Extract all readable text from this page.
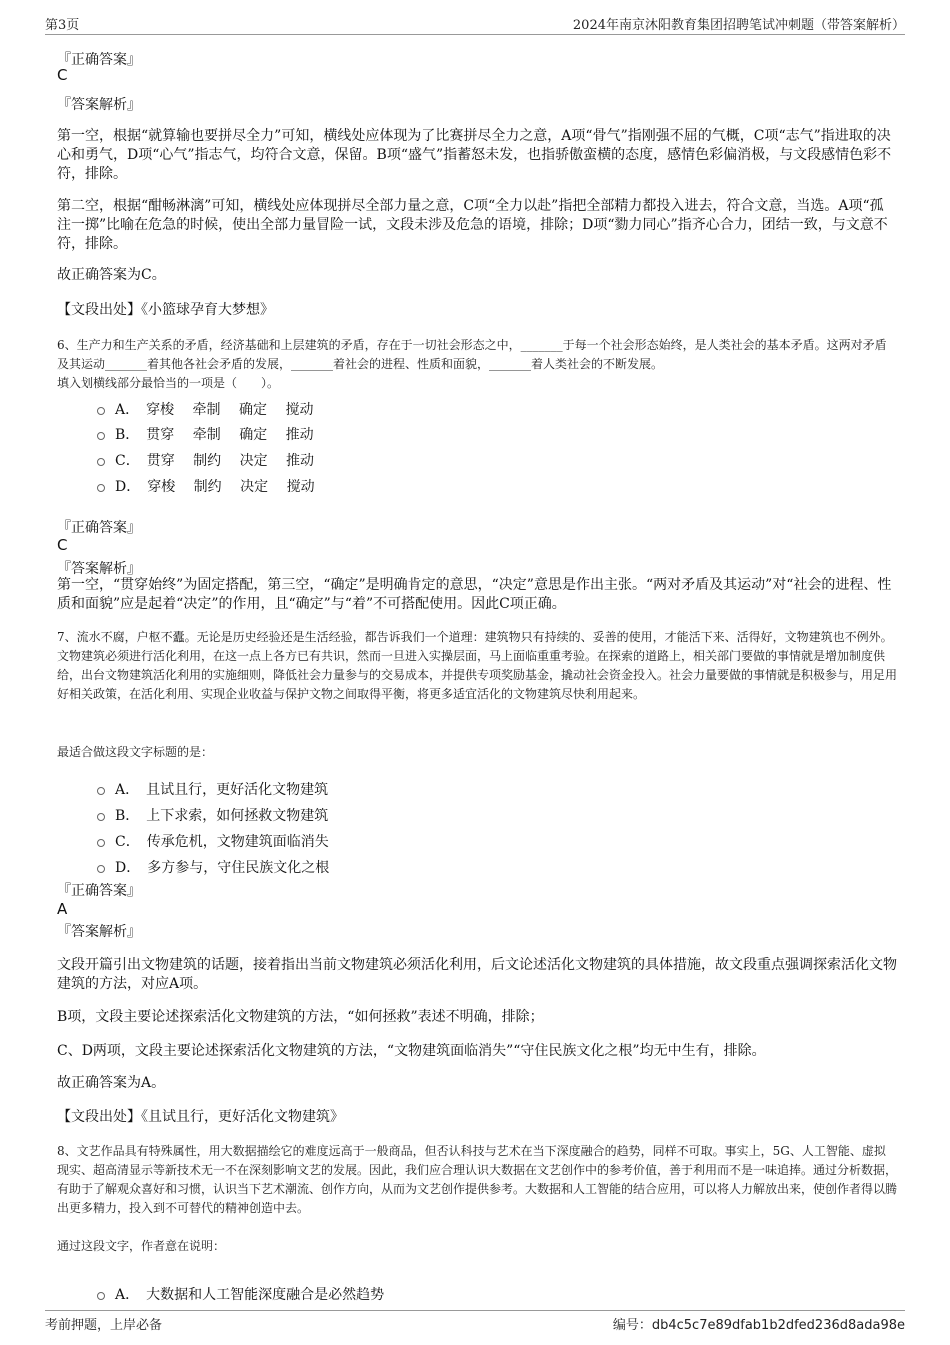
第3页	2024年南京沐阳教育集团招聘笔试冲刺题（带答案解析）
『正确答案』
C
『答案解析』
第一空，根据“就算输也要拼尽全力”可知，横线处应体现为了比赛拼尽全力之意，A项“骨气”指刚强不屈的气概，C项“志气”指进取的决心和勇气，D项“心气”指志气，均符合文意，保留。B项“盛气”指蓄怒未发，也指骄傲蛮横的态度，感情色彩偏消极，与文段感情色彩不符，排除。
第二空，根据“酣畅淋漓”可知，横线处应体现拼尽全部力量之意，C项“全力以赴”指把全部精力都投入进去，符合文意，当选。A项“孤注一掷”比喻在危急的时候，使出全部力量冒险一试，文段未涉及危急的语境，排除；D项“勠力同心”指齐心合力，团结一致，与文意不符，排除。
故正确答案为C。
【文段出处】《小篮球孕育大梦想》
6、生产力和生产关系的矛盾，经济基础和上层建筑的矛盾，存在于一切社会形态之中，_______于每一个社会形态始终，是人类社会的基本矛盾。这两对矛盾及其运动_______着其他各社会矛盾的发展，_______着社会的进程、性质和面貌，_______着人类社会的不断发展。
填入划横线部分最恰当的一项是（　　）。
A．　穿梭　 牵制　 确定　 搅动
B．　贯穿　 牵制　 确定　 推动
C．　贯穿　 制约　 决定　 推动
D．　穿梭　 制约　 决定　 搅动
『正确答案』
C
『答案解析』
第一空，“贯穿始终”为固定搭配，第三空，“确定”是明确肯定的意思，“决定”意思是作出主张。“两对矛盾及其运动”对“社会的进程、性质和面貌”应是起着“决定”的作用，且“确定”与“着”不可搭配使用。因此C项正确。
7、流水不腐，户枢不蠹。无论是历史经验还是生活经验，都告诉我们一个道理：建筑物只有持续的、妥善的使用，才能活下来、活得好，文物建筑也不例外。文物建筑必须进行活化利用，在这一点上各方已有共识，然而一旦进入实操层面，马上面临重重考验。在探索的道路上，相关部门要做的事情就是增加制度供给，出台文物建筑活化利用的实施细则，降低社会力量参与的交易成本，并提供专项奖励基金，撬动社会资金投入。社会力量要做的事情就是积极参与，用足用好相关政策，在活化利用、实现企业收益与保护文物之间取得平衡，将更多适宜活化的文物建筑尽快利用起来。
最适合做这段文字标题的是：
A．　且试且行，更好活化文物建筑
B．　上下求索，如何拯救文物建筑
C．　传承危机，文物建筑面临消失
D．　多方参与，守住民族文化之根
『正确答案』
A
『答案解析』
文段开篇引出文物建筑的话题，接着指出当前文物建筑必须活化利用，后文论述活化文物建筑的具体措施，故文段重点强调探索活化文物建筑的方法，对应A项。
B项，文段主要论述探索活化文物建筑的方法，“如何拯救”表述不明确，排除；
C、D两项，文段主要论述探索活化文物建筑的方法，“文物建筑面临消失”“守住民族文化之根”均无中生有，排除。
故正确答案为A。
【文段出处】《且试且行，更好活化文物建筑》
8、文艺作品具有特殊属性，用大数据描绘它的难度远高于一般商品，但否认科技与艺术在当下深度融合的趋势，同样不可取。事实上，5G、人工智能、虚拟现实、超高清显示等新技术无一不在深刻影响文艺的发展。因此，我们应合理认识大数据在文艺创作中的参考价值，善于利用而不是一味追捧。通过分析数据，有助于了解观众喜好和习惯，认识当下艺术潮流、创作方向，从而为文艺创作提供参考。大数据和人工智能的结合应用，可以将人力解放出来，使创作者得以腾出更多精力，投入到不可替代的精神创造中去。
通过这段文字，作者意在说明：
A．　大数据和人工智能深度融合是必然趋势
考前押题，上岸必备	编号：db4c5c7e89dfab1b2dfed236d8ada98e
